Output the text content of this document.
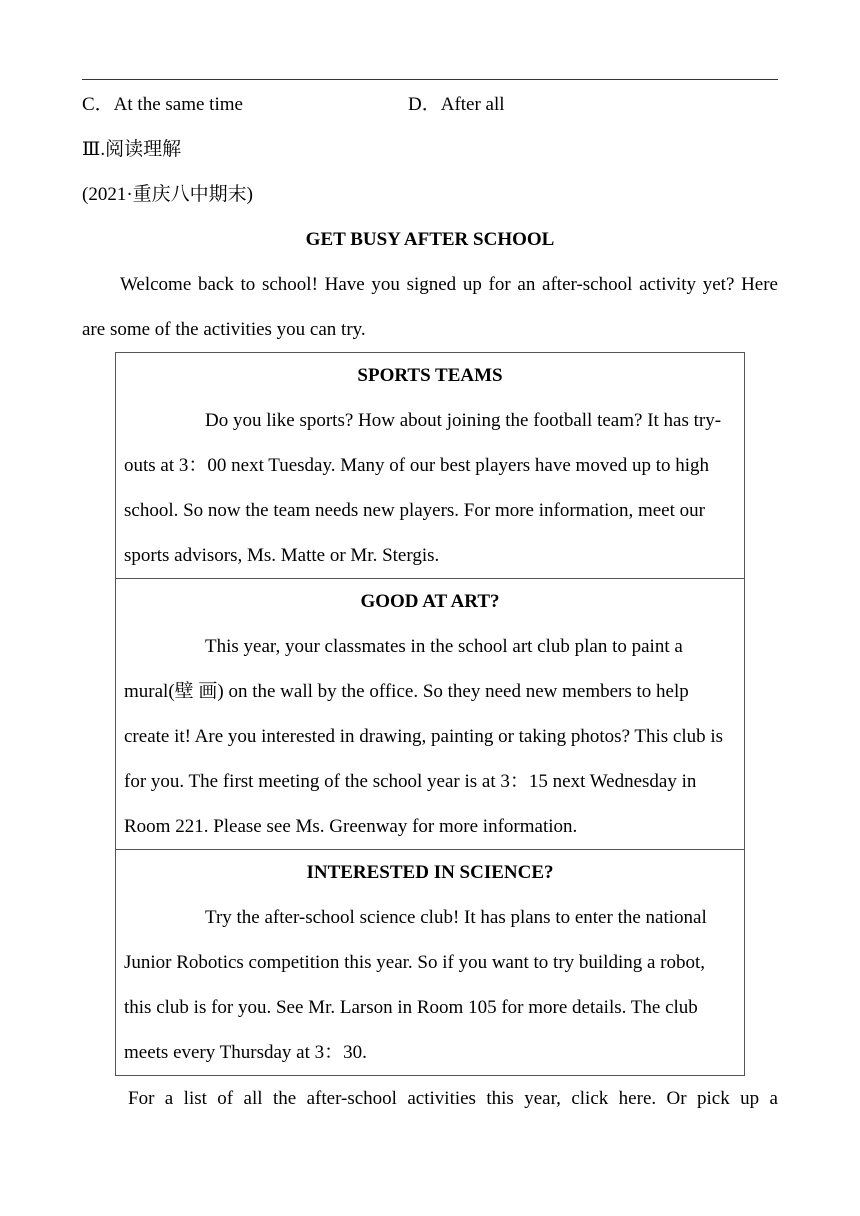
C．At the same time	D．After all
Ⅲ.阅读理解
(2021·重庆八中期末)
GET BUSY AFTER SCHOOL

Welcome back to school! Have you signed up for an after-school activity yet? Here are some of the activities you can try.

SPORTS TEAMS

Do you like sports? How about joining the football team? It has try-outs at 3：00 next Tuesday. Many of our best players have moved up to high school. So now the team needs new players. For more information, meet our sports advisors, Ms. Matte or Mr. Stergis.

GOOD AT ART?

This year, your classmates in the school art club plan to paint a mural(壁 画) on the wall by the office. So they need new members to help create it! Are you interested in drawing, painting or taking photos? This club is for you. The first meeting of the school year is at 3：15 next Wednesday in Room 221. Please see Ms. Greenway for more information.

INTERESTED IN SCIENCE?

Try the after-school science club! It has plans to enter the national Junior Robotics competition this year. So if you want to try building a robot, this club is for you. See Mr. Larson in Room 105 for more details. The club meets every Thursday at 3：30.

For a list of all the after-school activities this year, click here. Or pick up a
